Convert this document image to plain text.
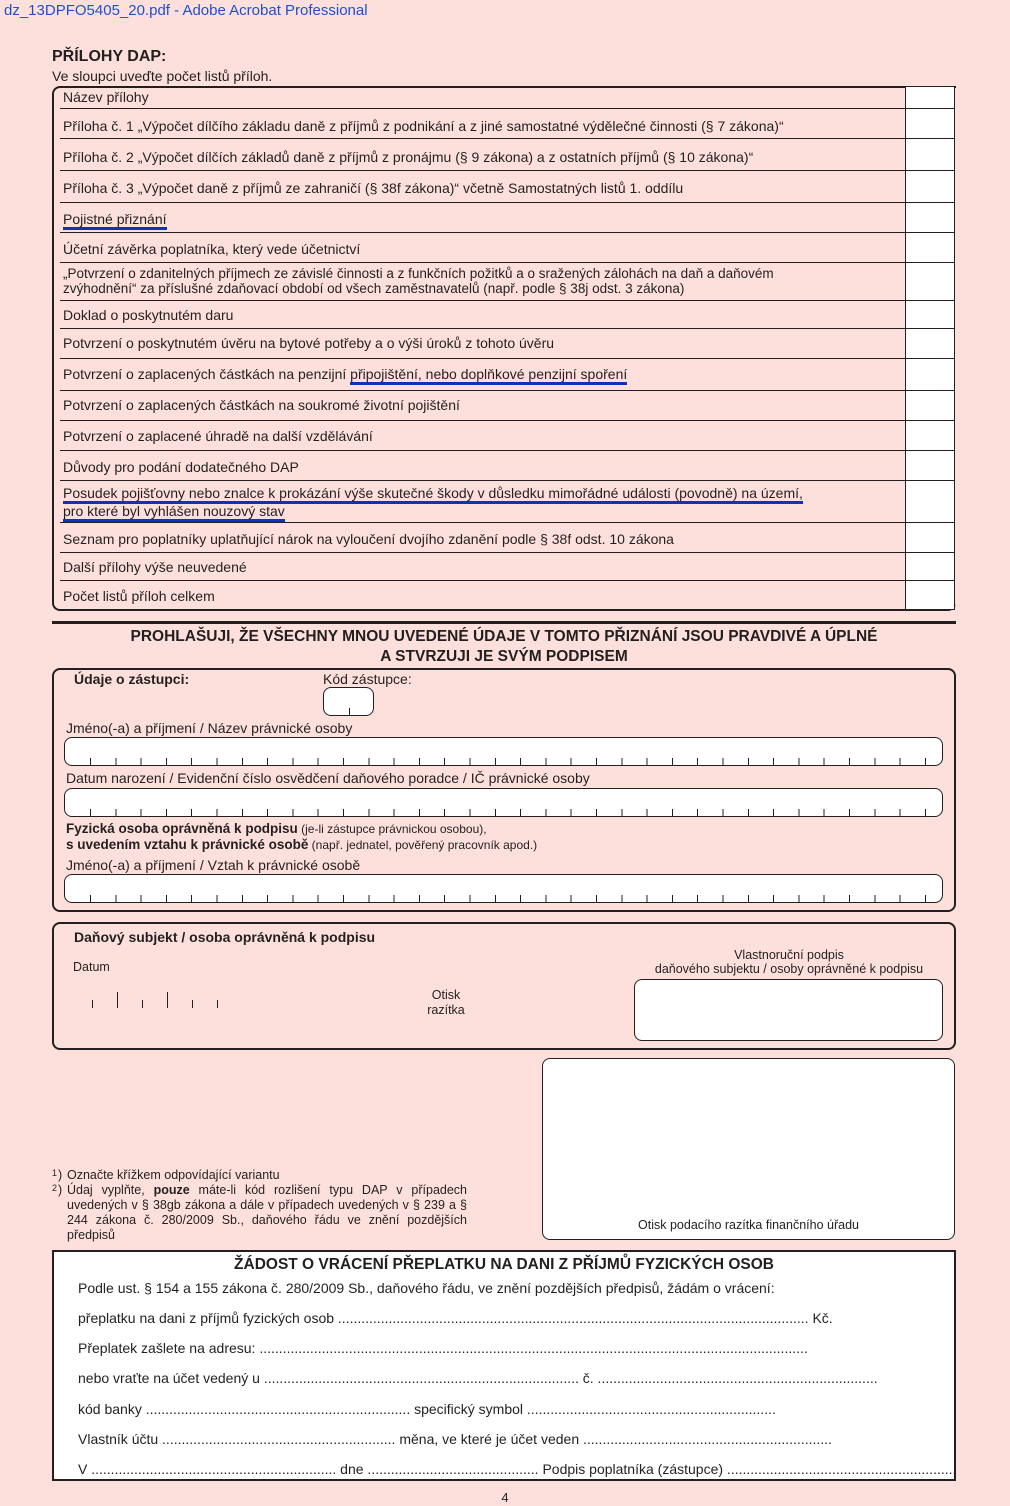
dz_13DPFO5405_20.pdf - Adobe Acrobat Professional
PŘÍLOHY DAP:
Ve sloupci uveďte počet listů příloh.
Název přílohy
Příloha č. 1 „Výpočet dílčího základu daně z příjmů z podnikání a z jiné samostatné výdělečné činnosti (§ 7 zákona)“
Příloha č. 2 „Výpočet dílčích základů daně z příjmů z pronájmu (§ 9 zákona) a z ostatních příjmů (§ 10 zákona)“
Příloha č. 3 „Výpočet daně z příjmů ze zahraničí (§ 38f zákona)“ včetně Samostatných listů 1. oddílu
Pojistné přiznání
Účetní závěrka poplatníka, který vede účetnictví
„Potvrzení o zdanitelných příjmech ze závislé činnosti a z funkčních požitků a o sražených zálohách na daň a daňovém
zvýhodnění“ za příslušné zdaňovací období od všech zaměstnavatelů (např. podle § 38j odst. 3 zákona)
Doklad o poskytnutém daru
Potvrzení o poskytnutém úvěru na bytové potřeby a o výši úroků z tohoto úvěru
Potvrzení o zaplacených částkách na penzijní připojištění, nebo doplňkové penzijní spoření
Potvrzení o zaplacených částkách na soukromé životní pojištění
Potvrzení o zaplacené úhradě na další vzdělávání
Důvody pro podání dodatečného DAP
Posudek pojišťovny nebo znalce k prokázání výše skutečné škody v důsledku mimořádné události (povodně) na území,
pro které byl vyhlášen nouzový stav
Seznam pro poplatníky uplatňující nárok na vyloučení dvojího zdanění podle § 38f odst. 10 zákona
Další přílohy výše neuvedené
Počet listů příloh celkem
PROHLAŠUJI, ŽE VŠECHNY MNOU UVEDENÉ ÚDAJE V TOMTO PŘIZNÁNÍ JSOU PRAVDIVÉ A ÚPLNÉ
A STVRZUJI JE SVÝM PODPISEM
Údaje o zástupci:	Kód zástupce:
Jméno(-a) a příjmení / Název právnické osoby
Datum narození / Evidenční číslo osvědčení daňového poradce / IČ právnické osoby
Fyzická osoba oprávněná k podpisu (je-li zástupce právnickou osobou),
s uvedením vztahu k právnické osobě (např. jednatel, pověřený pracovník apod.)
Jméno(-a) a příjmení / Vztah k právnické osobě
Daňový subjekt / osoba oprávněná k podpisu
Datum
Otisk
razítka
Vlastnoruční podpis
daňového subjektu / osoby oprávněné k podpisu
Otisk podacího razítka finančního úřadu
1 ) Označte křížkem odpovídající variantu
2 ) Údaj vyplňte, pouze máte-li kód rozlišení typu DAP v případech uvedených v § 38gb zákona a dále v případech uvedených v § 239 a § 244 zákona č. 280/2009 Sb., daňového řádu ve znění pozdějších předpisů
ŽÁDOST O VRÁCENÍ PŘEPLATKU NA DANI Z PŘÍJMŮ FYZICKÝCH OSOB
Podle ust. § 154 a 155 zákona č. 280/2009 Sb., daňového řádu, ve znění pozdějších předpisů, žádám o vrácení:
přeplatku na dani z příjmů fyzických osob ......................................................................................................................... Kč.
Přeplatek zašlete na adresu: .............................................................................................................................................
nebo vraťte na účet vedený u ................................................................................. č. ........................................................................
kód banky .................................................................... specifický symbol ................................................................
Vlastník účtu ............................................................ měna, ve které je účet veden ................................................................
V ............................................................... dne ............................................ Podpis poplatníka (zástupce) ...........................................................
4
